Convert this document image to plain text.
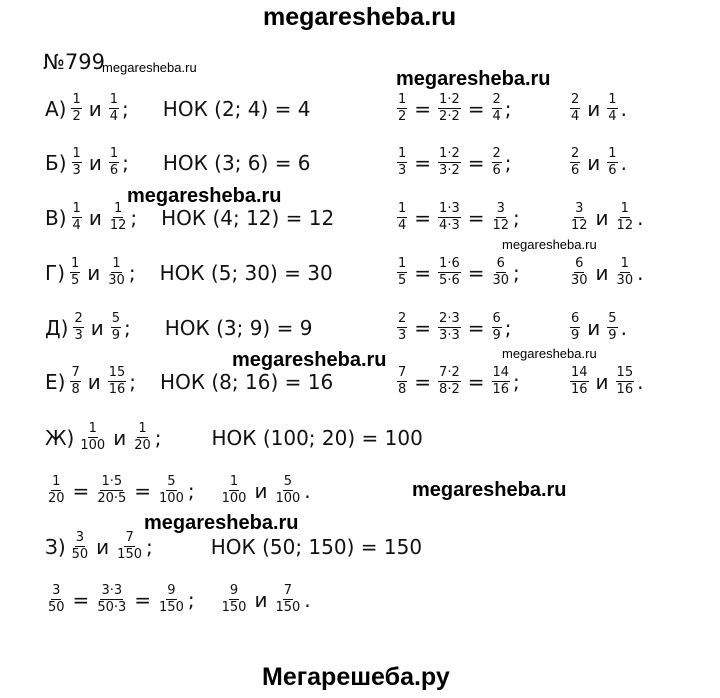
megaresheba.ru
№799
megaresheba.ru
megaresheba.ru
megaresheba.ru
megaresheba.ru
megaresheba.ru	megaresheba.ru
megaresheba.ru
megaresheba.ru
Мегарешеба.ру
$А) \frac{1}{2}$ и $\frac{1}{4}$ ; НОК (2; 4) = 4	$\frac{1}{2} = \frac{1\cdot 2}{2\cdot 2} = \frac{2}{4}$ ;	$\frac{2}{4}$ и $\frac{1}{4}$ .
$Б) \frac{1}{3}$ и $\frac{1}{6}$ ; НОК (3; 6) = 6	$\frac{1}{3} = \frac{1\cdot 2}{3\cdot 2} = \frac{2}{6}$ ;	$\frac{2}{6}$ и $\frac{1}{6}$ .
$В) \frac{1}{4}$ и $\frac{1}{12}$ ; НОК (4; 12) = 12	$\frac{1}{4} = \frac{1\cdot 3}{4\cdot 3} = \frac{3}{12}$ ;	$\frac{3}{12}$ и $\frac{1}{12}$ .
$Г) \frac{1}{5}$ и $\frac{1}{30}$ ; НОК (5; 30) = 30	$\frac{1}{5} = \frac{1\cdot 6}{5\cdot 6} = \frac{6}{30}$ ;	$\frac{6}{30}$ и $\frac{1}{30}$ .
$Д) \frac{2}{3}$ и $\frac{5}{9}$ ; НОК (3; 9) = 9	$\frac{2}{3} = \frac{2\cdot 3}{3\cdot 3} = \frac{6}{9}$ ;	$\frac{6}{9}$ и $\frac{5}{9}$ .
$Е) \frac{7}{8}$ и $\frac{15}{16}$ ; НОК (8; 16) = 16	$\frac{7}{8} = \frac{7\cdot 2}{8\cdot 2} = \frac{14}{16}$ ;	$\frac{14}{16}$ и $\frac{15}{16}$ .
$Ж) \frac{1}{100}$ и $\frac{1}{20}$ ;	НОК (100; 20) = 100
$\frac{1}{20} = \frac{1\cdot 5}{20\cdot 5} = \frac{5}{100}$ ; $\frac{1}{100}$ и $\frac{5}{100}$ .
$З) \frac{3}{50}$ и $\frac{7}{150}$ ;	НОК (50; 150) = 150
$\frac{3}{50} = \frac{3\cdot 3}{50\cdot 3} = \frac{9}{150}$ ; $\frac{9}{150}$ и $\frac{7}{150}$ .
